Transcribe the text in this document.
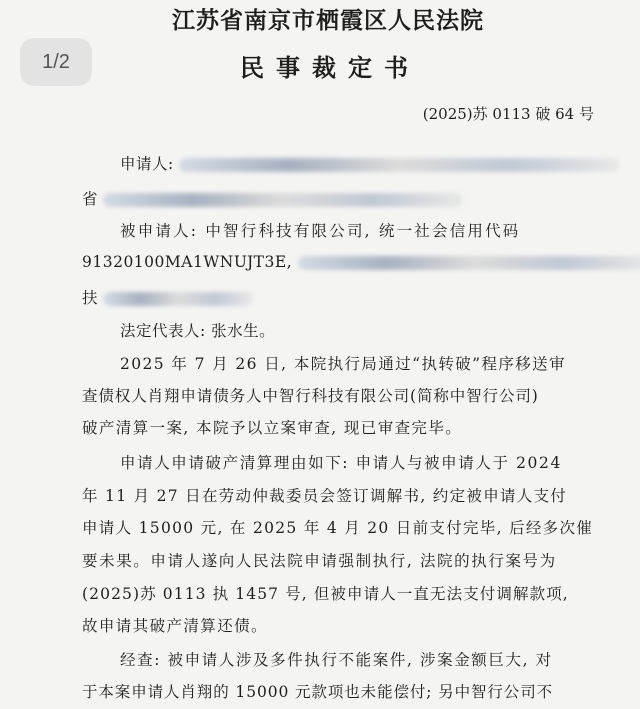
1/2
江苏省南京市栖霞区人民法院
民事裁定书
(2025)苏 0113 破 64 号
申请人:
省
被申请人: 中智行科技有限公司, 统一社会信用代码
91320100MA1WNUJT3E,
扶
法定代表人: 张水生。
2025 年 7 月 26 日, 本院执行局通过“执转破”程序移送审
查债权人肖翔申请债务人中智行科技有限公司(简称中智行公司)
破产清算一案, 本院予以立案审查, 现已审查完毕。
申请人申请破产清算理由如下: 申请人与被申请人于 2024
年 11 月 27 日在劳动仲裁委员会签订调解书, 约定被申请人支付
申请人 15000 元, 在 2025 年 4 月 20 日前支付完毕, 后经多次催
要未果。申请人遂向人民法院申请强制执行, 法院的执行案号为
(2025)苏 0113 执 1457 号, 但被申请人一直无法支付调解款项,
故申请其破产清算还债。
经查: 被申请人涉及多件执行不能案件, 涉案金额巨大, 对
于本案申请人肖翔的 15000 元款项也未能偿付; 另中智行公司不
